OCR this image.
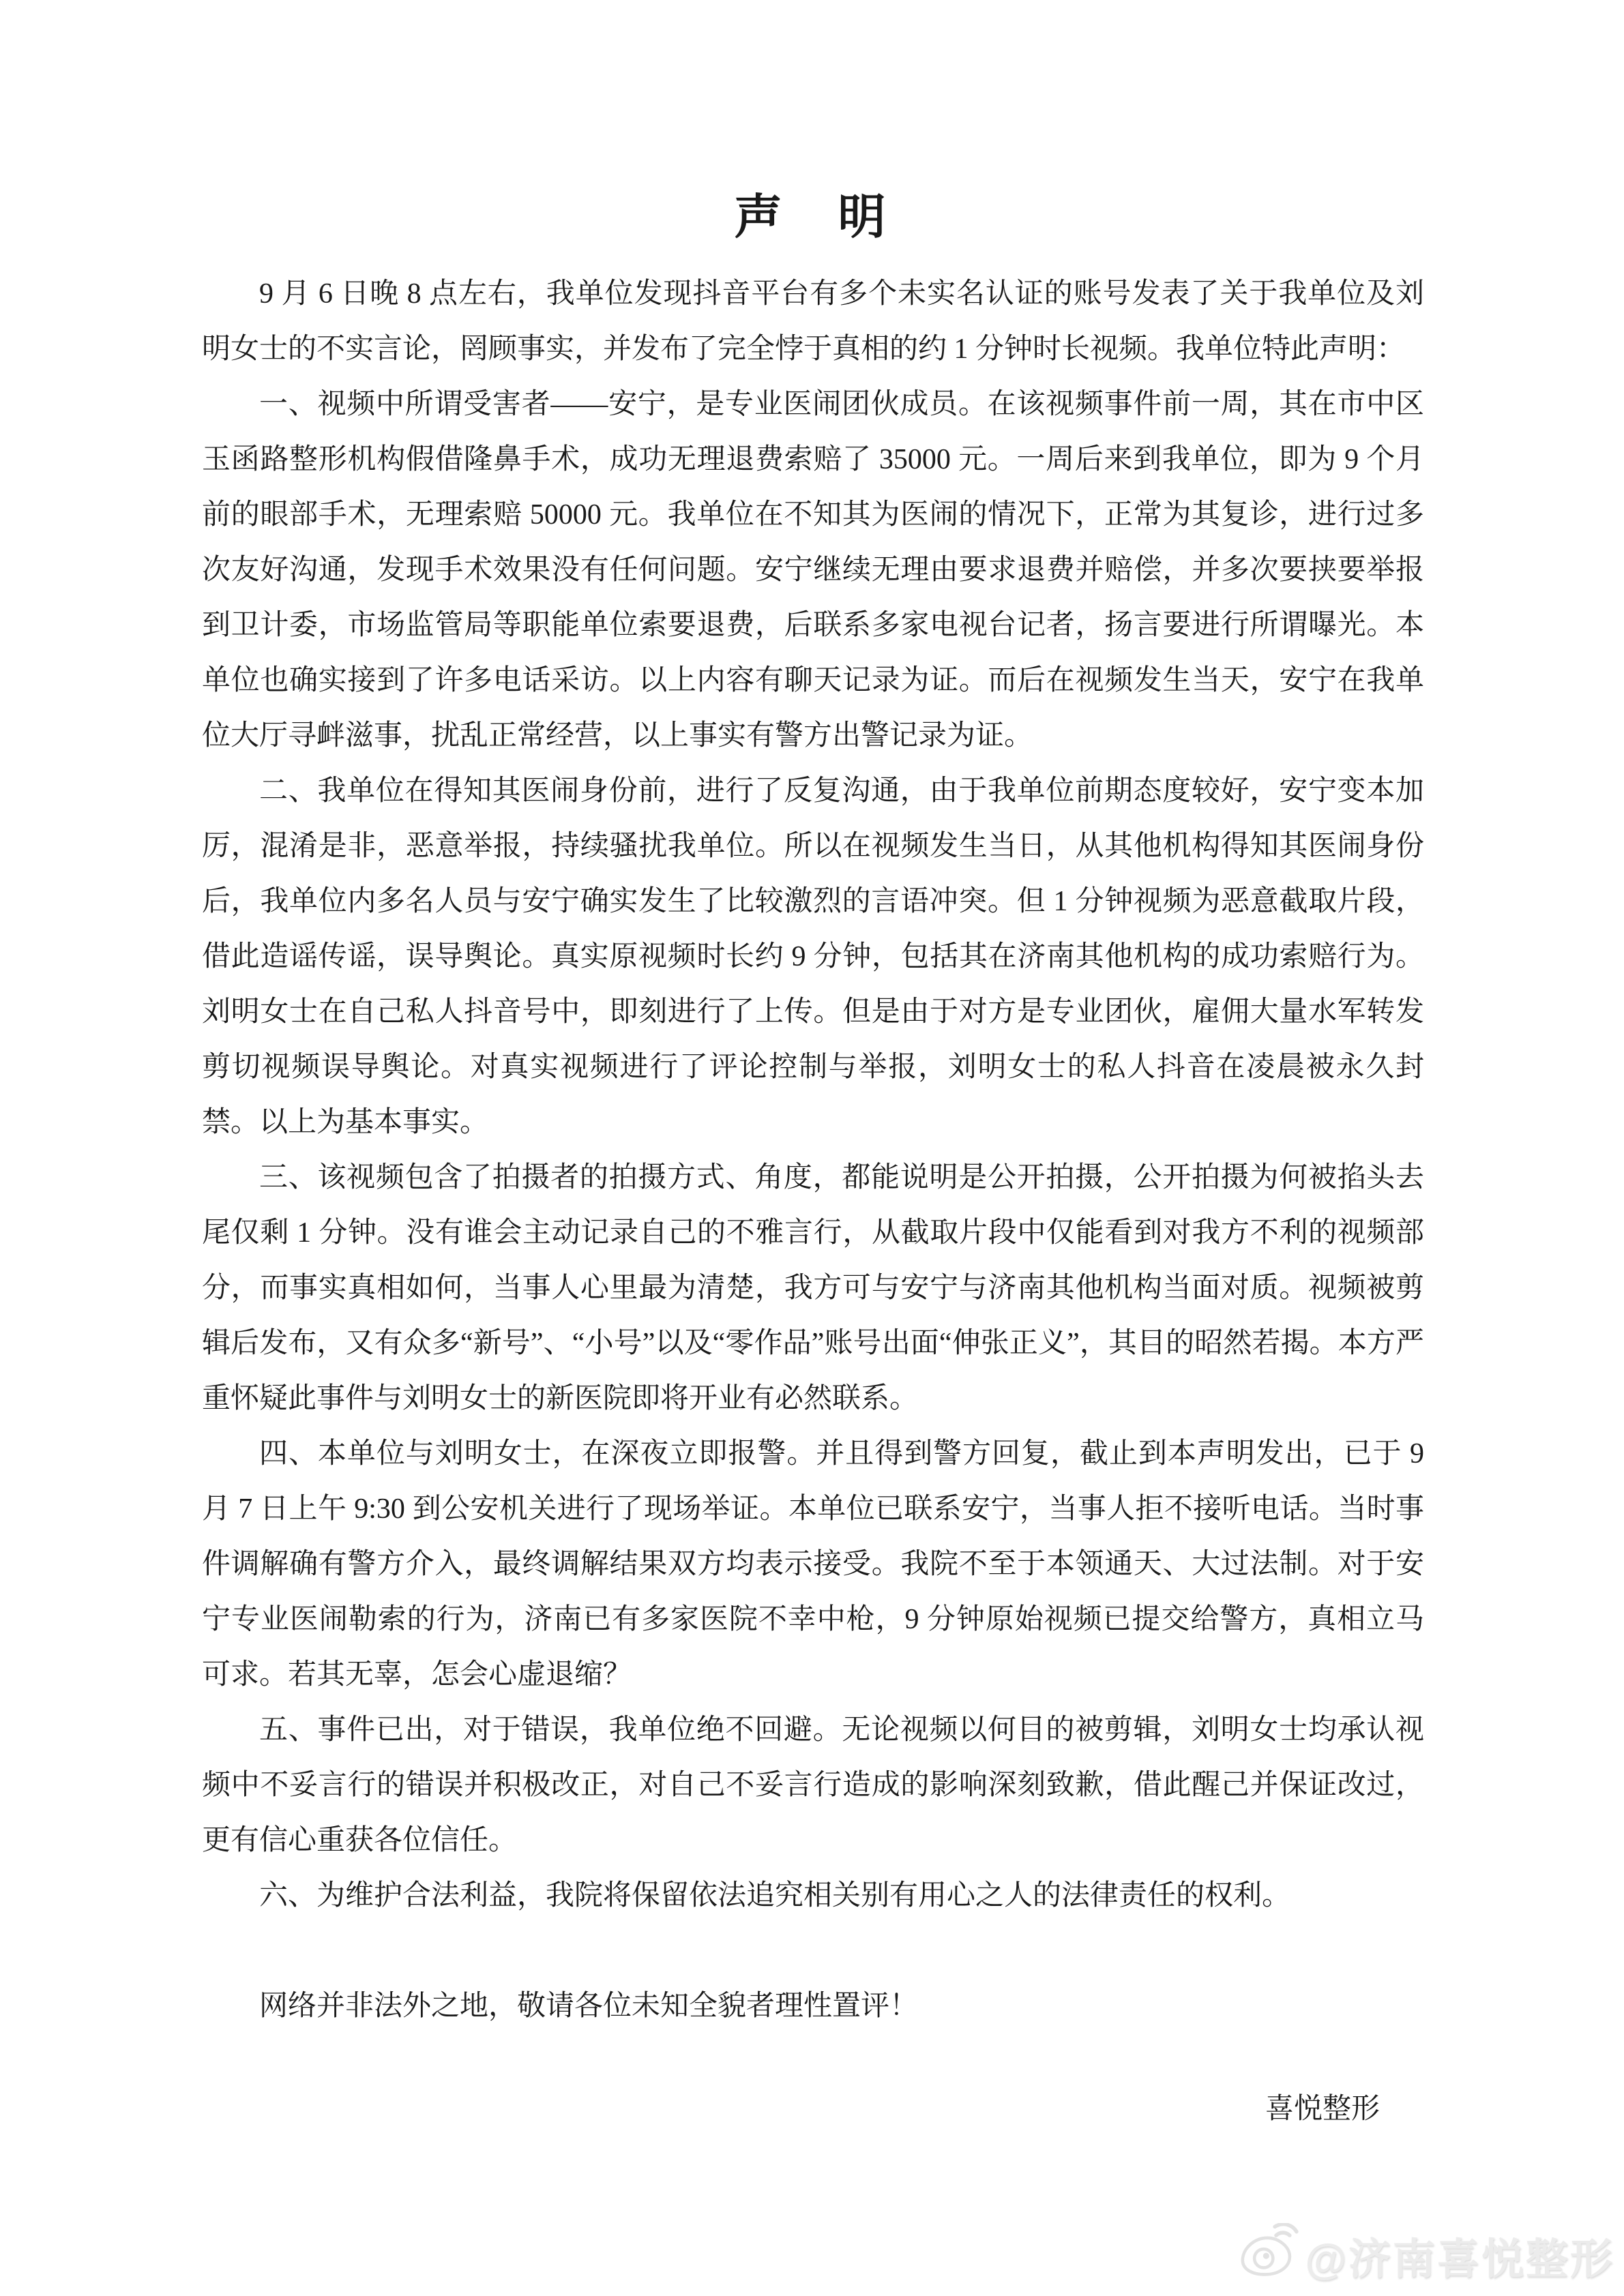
声　明

9 月 6 日晚 8 点左右，我单位发现抖音平台有多个未实名认证的账号发表了关于我单位及刘明女士的不实言论，罔顾事实，并发布了完全悖于真相的约 1 分钟时长视频。我单位特此声明：

一、视频中所谓受害者——安宁，是专业医闹团伙成员。在该视频事件前一周，其在市中区玉函路整形机构假借隆鼻手术，成功无理退费索赔了 35000 元。一周后来到我单位，即为 9 个月前的眼部手术，无理索赔 50000 元。我单位在不知其为医闹的情况下，正常为其复诊，进行过多次友好沟通，发现手术效果没有任何问题。安宁继续无理由要求退费并赔偿，并多次要挟要举报到卫计委，市场监管局等职能单位索要退费，后联系多家电视台记者，扬言要进行所谓曝光。本单位也确实接到了许多电话采访。以上内容有聊天记录为证。而后在视频发生当天，安宁在我单位大厅寻衅滋事，扰乱正常经营，以上事实有警方出警记录为证。

二、我单位在得知其医闹身份前，进行了反复沟通，由于我单位前期态度较好，安宁变本加厉，混淆是非，恶意举报，持续骚扰我单位。所以在视频发生当日，从其他机构得知其医闹身份后，我单位内多名人员与安宁确实发生了比较激烈的言语冲突。但 1 分钟视频为恶意截取片段，借此造谣传谣，误导舆论。真实原视频时长约 9 分钟，包括其在济南其他机构的成功索赔行为。刘明女士在自己私人抖音号中，即刻进行了上传。但是由于对方是专业团伙，雇佣大量水军转发剪切视频误导舆论。对真实视频进行了评论控制与举报，刘明女士的私人抖音在凌晨被永久封禁。以上为基本事实。

三、该视频包含了拍摄者的拍摄方式、角度，都能说明是公开拍摄，公开拍摄为何被掐头去尾仅剩 1 分钟。没有谁会主动记录自己的不雅言行，从截取片段中仅能看到对我方不利的视频部分，而事实真相如何，当事人心里最为清楚，我方可与安宁与济南其他机构当面对质。视频被剪辑后发布，又有众多“新号”、“小号”以及“零作品”账号出面“伸张正义”，其目的昭然若揭。本方严重怀疑此事件与刘明女士的新医院即将开业有必然联系。

四、本单位与刘明女士，在深夜立即报警。并且得到警方回复，截止到本声明发出，已于 9 月 7 日上午 9:30 到公安机关进行了现场举证。本单位已联系安宁，当事人拒不接听电话。当时事件调解确有警方介入，最终调解结果双方均表示接受。我院不至于本领通天、大过法制。对于安宁专业医闹勒索的行为，济南已有多家医院不幸中枪，9 分钟原始视频已提交给警方，真相立马可求。若其无辜，怎会心虚退缩？

五、事件已出，对于错误，我单位绝不回避。无论视频以何目的被剪辑，刘明女士均承认视频中不妥言行的错误并积极改正，对自己不妥言行造成的影响深刻致歉，借此醒己并保证改过，更有信心重获各位信任。

六、为维护合法利益，我院将保留依法追究相关别有用心之人的法律责任的权利。

网络并非法外之地，敬请各位未知全貌者理性置评！

喜悦整形

@济南喜悦整形
